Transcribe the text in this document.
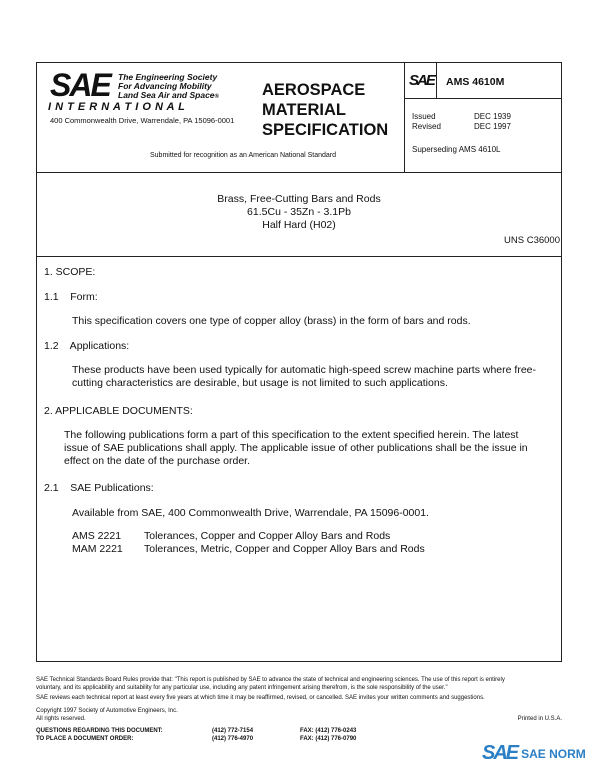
SAE The Engineering Society
For Advancing Mobility
Land Sea Air and Space®
I N T E R N A T I O N A L
400 Commonwealth Drive, Warrendale, PA 15096-0001
AEROSPACE
MATERIAL
SPECIFICATION
Submitted for recognition as an American National Standard
SAE AMS 4610M
Issued	DEC 1939
Revised	DEC 1997
Superseding AMS 4610L
Brass, Free-Cutting Bars and Rods
61.5Cu - 35Zn - 3.1Pb
Half Hard (H02)
UNS C36000
1. SCOPE:
1.1    Form:
This specification covers one type of copper alloy (brass) in the form of bars and rods.
1.2    Applications:
These products have been used typically for automatic high-speed screw machine parts where free-
cutting characteristics are desirable, but usage is not limited to such applications.
2. APPLICABLE DOCUMENTS:
The following publications form a part of this specification to the extent specified herein. The latest
issue of SAE publications shall apply. The applicable issue of other publications shall be the issue in
effect on the date of the purchase order.
2.1    SAE Publications:
Available from SAE, 400 Commonwealth Drive, Warrendale, PA 15096-0001.
AMS 2221 Tolerances, Copper and Copper Alloy Bars and Rods
MAM 2221 Tolerances, Metric, Copper and Copper Alloy Bars and Rods
SAE Technical Standards Board Rules provide that: "This report is published by SAE to advance the state of technical and engineering sciences. The use of this report is entirely
voluntary, and its applicability and suitability for any particular use, including any patent infringement arising therefrom, is the sole responsibility of the user."
SAE reviews each technical report at least every five years at which time it may be reaffirmed, revised, or cancelled. SAE invites your written comments and suggestions.
Copyright 1997 Society of Automotive Engineers, Inc.
All rights reserved.	Printed in U.S.A.
QUESTIONS REGARDING THIS DOCUMENT:	(412) 772-7154	FAX: (412) 776-0243
TO PLACE A DOCUMENT ORDER:	(412) 776-4970	FAX: (412) 776-0790
SAE SAE NORM
